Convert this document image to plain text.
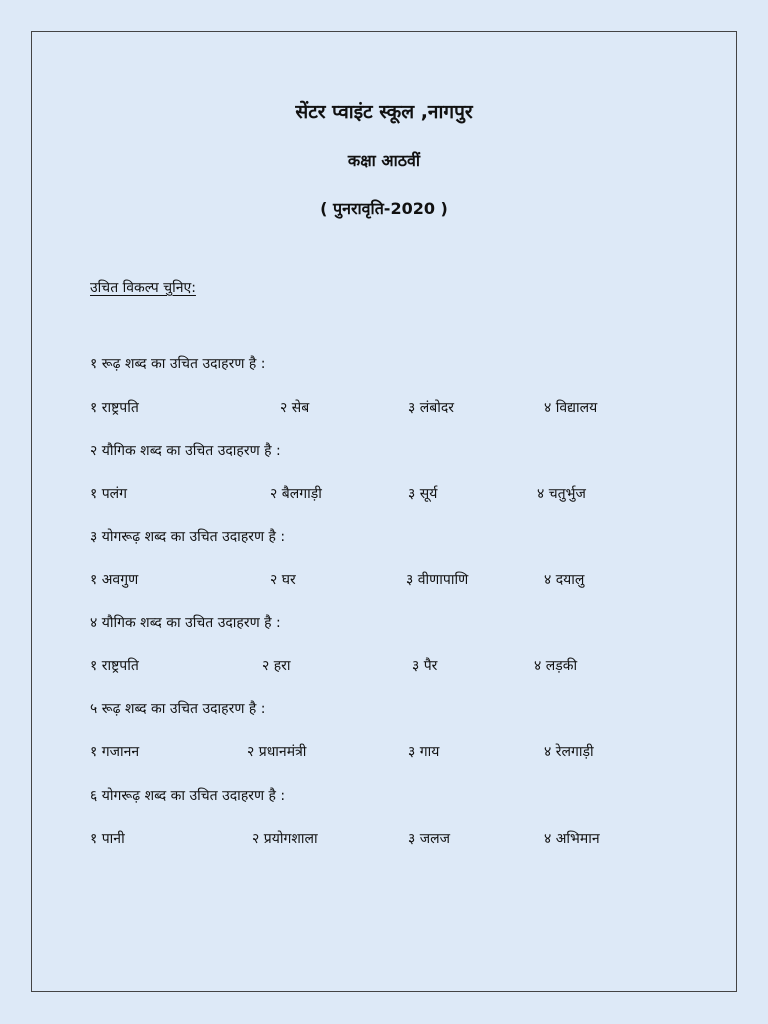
सेंटर प्वाइंट स्कूल ,नागपुर
कक्षा आठवीं
( पुनरावृति-2020 )
उचित विकल्प चुनिए:
१ रूढ़ शब्द का उचित उदाहरण है :
१ राष्ट्रपति	२ सेब	३ लंबोदर	४ विद्यालय
२ यौगिक शब्द का उचित उदाहरण है :
१ पलंग	२ बैलगाड़ी	३ सूर्य	४ चतुर्भुज
३ योगरूढ़ शब्द का उचित उदाहरण है :
१ अवगुण	२ घर	३ वीणापाणि	४ दयालु
४ यौगिक शब्द का उचित उदाहरण है :
१ राष्ट्रपति	२ हरा	३ पैर	४ लड़की
५ रूढ़ शब्द का उचित उदाहरण है :
१ गजानन	२ प्रधानमंत्री	३ गाय	४ रेलगाड़ी
६ योगरूढ़ शब्द का उचित उदाहरण है :
१ पानी	२ प्रयोगशाला	३ जलज	४ अभिमान
